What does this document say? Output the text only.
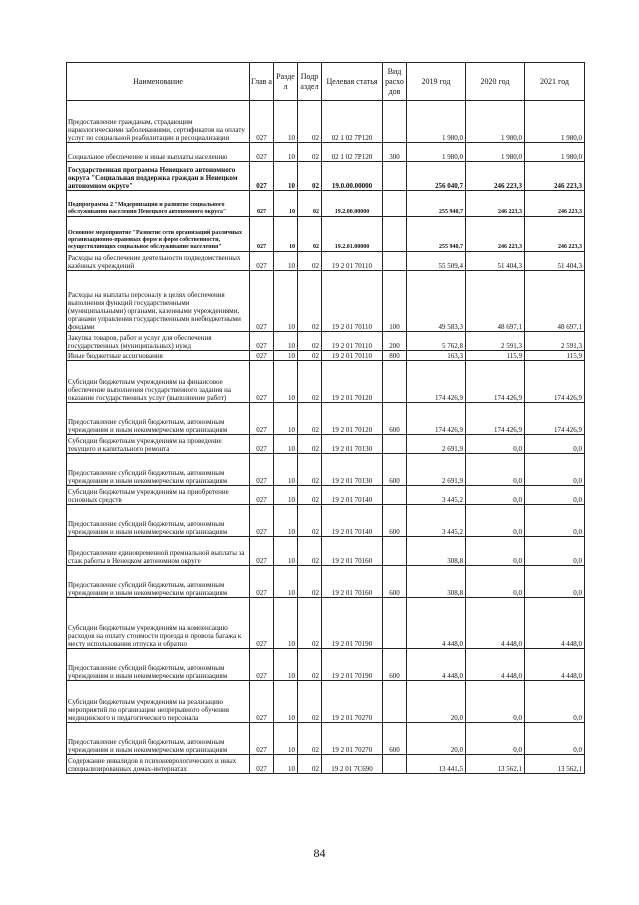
Наименование	Глав а	Разде л	Подр аздел	Целевая статья	Вид расхо дов	2019 год	2020 год	2021 год
Предоставление гражданам, страдающим наркологическими заболеваниями, сертификатов на оплату услуг по социальной реабилитации и ресоциализации	027	10	02	02 1 02 7P120		1 980,0	1 980,0	1 980,0
Социальное обеспечение и иные выплаты населению	027	10	02	02 1 02 7P120	300	1 980,0	1 980,0	1 980,0
Государственная программа Ненецкого автономного округа "Социальная поддержка граждан в Ненецком автономном округе"	027	10	02	19.0.00.00000		256 040,7	246 223,3	246 223,3
Подпрограмма 2 "Модернизация и развитие социального обслуживания населения Ненецкого автономного округа"	027	10	02	19.2.00.00000		255 940,7	246 223,3	246 223,3
Основное мероприятие "Развитие сети организаций различных организационно-правовых форм и форм собственности, осуществляющих социальное обслуживание населения"	027	10	02	19.2.01.00000		255 940,7	246 223,3	246 223,3
Расходы на обеспечение деятельности подведомственных казённых учреждений	027	10	02	19 2 01 70110		55 509,4	51 404,3	51 404,3
Расходы на выплаты персоналу в целях обеспечения выполнения функций государственными (муниципальными) органами, казенными учреждениями, органами управления государственными внебюджетными фондами	027	10	02	19 2 01 70110	100	49 583,3	48 697,1	48 697,1
Закупка товаров, работ и услуг для обеспечения государственных (муниципальных) нужд	027	10	02	19 2 01 70110	200	5 762,8	2 591,3	2 591,3
Иные бюджетные ассигнования	027	10	02	19 2 01 70110	800	163,3	115,9	115,9
Субсидии бюджетным учреждениям на финансовое обеспечение выполнения государственного задания на оказание государственных услуг (выполнение работ)	027	10	02	19 2 01 70120		174 426,9	174 426,9	174 426,9
Предоставление субсидий бюджетным, автономным учреждениям и иным некоммерческим организациям	027	10	02	19 2 01 70120	600	174 426,9	174 426,9	174 426,9
Субсидии бюджетным учреждениям на проведение текущего и капитального ремонта	027	10	02	19 2 01 70130		2 691,9	0,0	0,0
Предоставление субсидий бюджетным, автономным учреждениям и иным некоммерческим организациям	027	10	02	19 2 01 70130	600	2 691,9	0,0	0,0
Субсидии бюджетным учреждениям на приобретение основных средств	027	10	02	19 2 01 70140		3 445,2	0,0	0,0
Предоставление субсидий бюджетным, автономным учреждениям и иным некоммерческим организациям	027	10	02	19 2 01 70140	600	3 445,2	0,0	0,0
Предоставление единовременной премиальной выплаты за стаж работы в Ненецком автономном округе	027	10	02	19 2 01 70160		308,8	0,0	0,0
Предоставление субсидий бюджетным, автономным учреждениям и иным некоммерческим организациям	027	10	02	19 2 01 70160	600	308,8	0,0	0,0
Субсидии бюджетным учреждениям на компенсацию расходов на оплату стоимости проезда и провоза багажа к месту использования отпуска и обратно	027	10	02	19 2 01 70190		4 448,0	4 448,0	4 448,0
Предоставление субсидий бюджетным, автономным учреждениям и иным некоммерческим организациям	027	10	02	19 2 01 70190	600	4 448,0	4 448,0	4 448,0
Субсидии бюджетным учреждениям на реализацию мероприятий по организации непрерывного обучения медицинского и педагогического персонала	027	10	02	19 2 01 70270		20,0	0,0	0,0
Предоставление субсидий бюджетным, автономным учреждениям и иным некоммерческим организациям	027	10	02	19 2 01 70270	600	20,0	0,0	0,0
Содержание инвалидов в психоневрологических и иных специализированных домах-интернатах	027	10	02	19 2 01 7C690		13 441,5	13 562,1	13 562,1
84
